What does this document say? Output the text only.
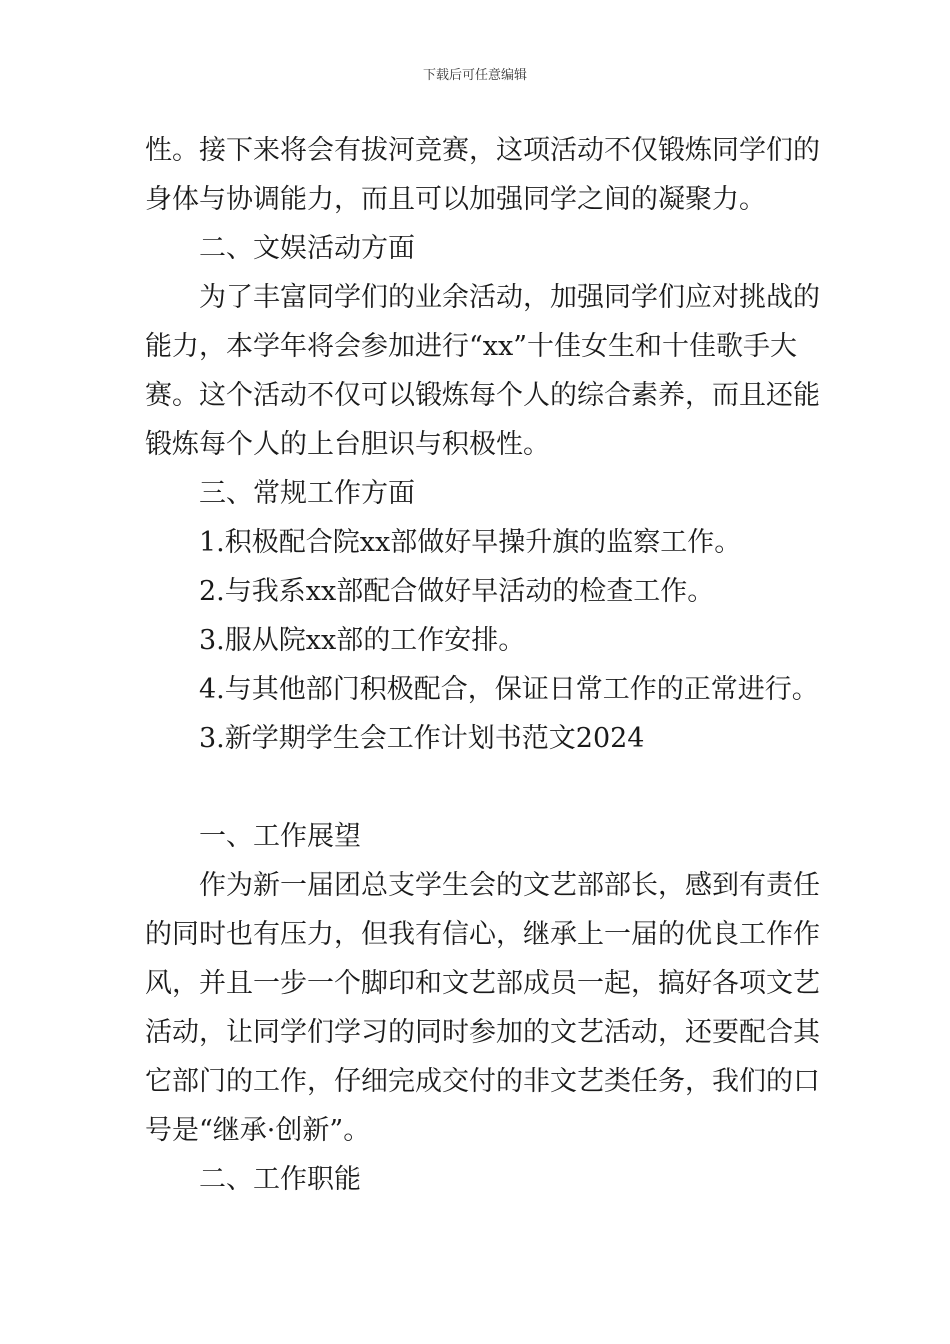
下载后可任意编辑
性。接下来将会有拔河竞赛，这项活动不仅锻炼同学们的
身体与协调能力，而且可以加强同学之间的凝聚力。
二、文娱活动方面
为了丰富同学们的业余活动，加强同学们应对挑战的
能力，本学年将会参加进行“xx”十佳女生和十佳歌手大
赛。这个活动不仅可以锻炼每个人的综合素养，而且还能
锻炼每个人的上台胆识与积极性。
三、常规工作方面
1.积极配合院xx部做好早操升旗的监察工作。
2.与我系xx部配合做好早活动的检查工作。
3.服从院xx部的工作安排。
4.与其他部门积极配合，保证日常工作的正常进行。
3.新学期学生会工作计划书范文2024
一、工作展望
作为新一届团总支学生会的文艺部部长，感到有责任
的同时也有压力，但我有信心，继承上一届的优良工作作
风，并且一步一个脚印和文艺部成员一起，搞好各项文艺
活动，让同学们学习的同时参加的文艺活动，还要配合其
它部门的工作，仔细完成交付的非文艺类任务，我们的口
号是“继承·创新”。
二、工作职能
